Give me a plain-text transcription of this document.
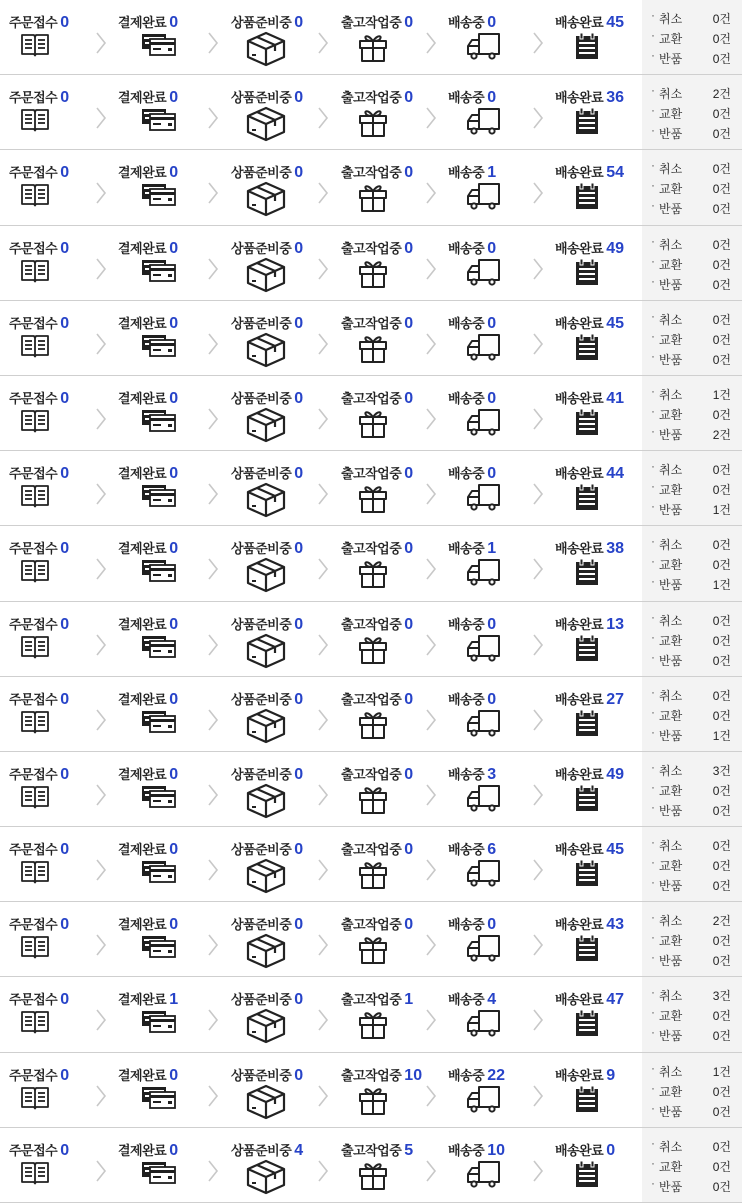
주문접수 0	결제완료 0	상품준비중 0	출고작업중 0	배송중 0	배송완료 45 · 취소	0건
· 교환	0건
· 반품	0건
주문접수 0	결제완료 0	상품준비중 0	출고작업중 0	배송중 0	배송완료 36 · 취소	2건
· 교환	0건
· 반품	0건
주문접수 0	결제완료 0	상품준비중 0	출고작업중 0	배송중 1	배송완료 54 · 취소	0건
· 교환	0건
· 반품	0건
주문접수 0	결제완료 0	상품준비중 0	출고작업중 0	배송중 0	배송완료 49 · 취소	0건
· 교환	0건
· 반품	0건
주문접수 0	결제완료 0	상품준비중 0	출고작업중 0	배송중 0	배송완료 45 · 취소	0건
· 교환	0건
· 반품	0건
주문접수 0	결제완료 0	상품준비중 0	출고작업중 0	배송중 0	배송완료 41 · 취소	1건
· 교환	0건
· 반품	2건
주문접수 0	결제완료 0	상품준비중 0	출고작업중 0	배송중 0	배송완료 44 · 취소	0건
· 교환	0건
· 반품	1건
주문접수 0	결제완료 0	상품준비중 0	출고작업중 0	배송중 1	배송완료 38 · 취소	0건
· 교환	0건
· 반품	1건
주문접수 0	결제완료 0	상품준비중 0	출고작업중 0	배송중 0	배송완료 13 · 취소	0건
· 교환	0건
· 반품	0건
주문접수 0	결제완료 0	상품준비중 0	출고작업중 0	배송중 0	배송완료 27 · 취소	0건
· 교환	0건
· 반품	1건
주문접수 0	결제완료 0	상품준비중 0	출고작업중 0	배송중 3	배송완료 49 · 취소	3건
· 교환	0건
· 반품	0건
주문접수 0	결제완료 0	상품준비중 0	출고작업중 0	배송중 6	배송완료 45 · 취소	0건
· 교환	0건
· 반품	0건
주문접수 0	결제완료 0	상품준비중 0	출고작업중 0	배송중 0	배송완료 43 · 취소	2건
· 교환	0건
· 반품	0건
주문접수 0	결제완료 1	상품준비중 0	출고작업중 1	배송중 4	배송완료 47 · 취소	3건
· 교환	0건
· 반품	0건
주문접수 0	결제완료 0	상품준비중 0	출고작업중 10 배송중 22	배송완료 9	· 취소	1건
· 교환	0건
· 반품	0건
주문접수 0	결제완료 0	상품준비중 4	출고작업중 5	배송중 10	배송완료 0	· 취소	0건
· 교환	0건
· 반품	0건
